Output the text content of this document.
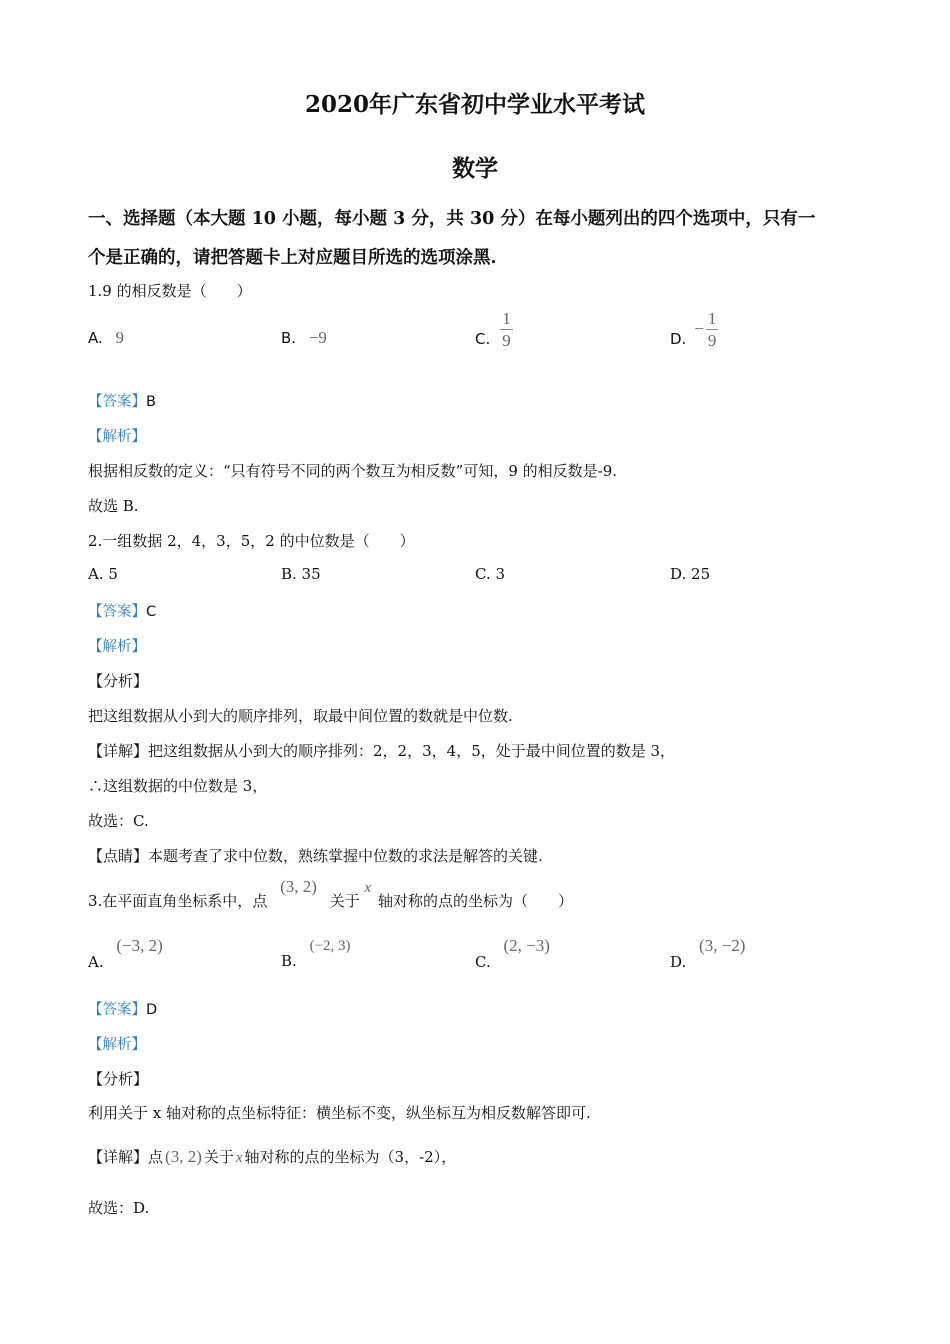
2020年广东省初中学业水平考试
数学
一、选择题（本大题 10 小题，每小题 3 分，共 30 分）在每小题列出的四个选项中，只有一
个是正确的，请把答题卡上对应题目所选的选项涂黑.
1.9 的相反数是（　　）
A. 9	B. −9	C. $\frac{1}{9}$	D.
− $\frac{1}{9}$
【答案】B
【解析】
根据相反数的定义：“只有符号不同的两个数互为相反数”可知，9 的相反数是-9.
故选 B.
2.一组数据 2，4，3，5，2 的中位数是（　　）
A. 5	B. 35	C. 3	D. 25
【答案】C
【解析】
【分析】
把这组数据从小到大的顺序排列，取最中间位置的数就是中位数.
【详解】把这组数据从小到大的顺序排列：2，2，3，4，5，处于最中间位置的数是 3，
∴这组数据的中位数是 3，
故选：C.
【点睛】本题考查了求中位数，熟练掌握中位数的求法是解答的关键.
3.在平面直角坐标系中，点 (3, 2) 关于 x 轴对称的点的坐标为（　　）
A. (−3, 2)
B. (−2, 3)
C. (2, −3)
D. (3, −2)
【答案】D
【解析】
【分析】
利用关于 x 轴对称的点坐标特征：横坐标不变，纵坐标互为相反数解答即可.
【详解】点 (3, 2) 关于 x 轴对称的点的坐标为（3，-2），
故选：D.
